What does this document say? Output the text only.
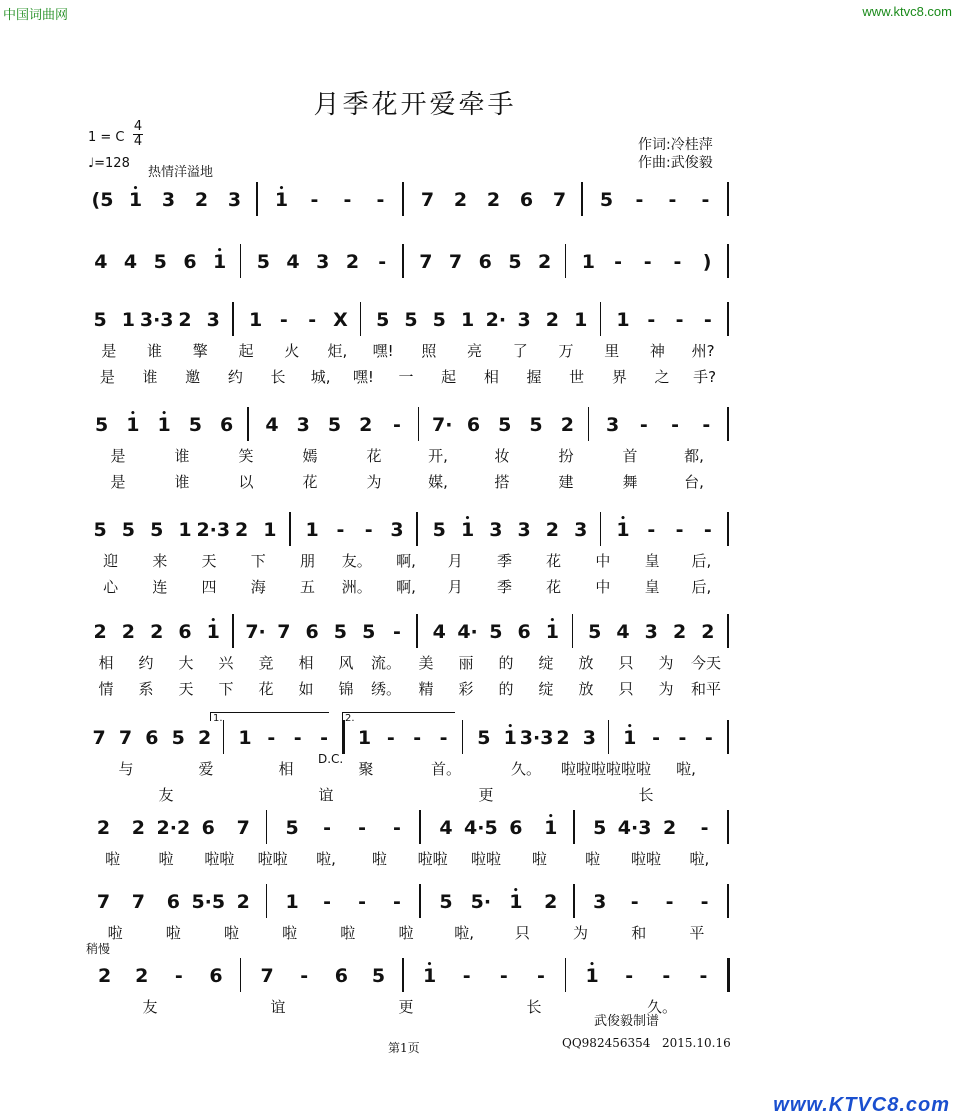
中国词曲网	www.ktvc8.com
www.KTVC8.com
月季花开爱牵手
1 = C
4
4
♩=128
热情洋溢地
作词:冷桂萍
作曲:武俊毅
(5 • 1 3 2 3 • 1 - - - 7 2 2 6 7 5 - - -
4 4 5 6 • 1 5 4 3 2 - 7 7 6 5 2 1 - - - )
5 1 3·3 2 3 1 - - X 5 5 5 1 2· 3 2 1 1 - - -
是 谁 擎 起 火 炬, 嘿! 照 亮 了 万 里 神 州?
是 谁 邀 约 长 城, 嘿! 一 起 相 握 世 界 之 手?
5 • 1 • 1 5 6 4 3 5 2 - 7· 6 5 5 2 3 - - -
是	谁	笑	嫣	花	开,	妆	扮	首	都,
是	谁	以	花	为	媒,	搭	建	舞	台,
5 5 5 1 2·3 2 1 1 - - 3 5 • 1 3 3 2 3 • 1 - - -
迎 来 天 下 朋 友。 啊, 月 季 花 中 皇 后,
心 连 四 海 五 洲。 啊, 月 季 花 中 皇 后,
2 2 2 6 • 1 7· 7 6 5 5 - 4 4· 5 6 • 1 5 4 3 2 2
相 约 大 兴 竞 相 风 流。 美 丽 的 绽 放 只 为 今天
情 系 天 下 花 如 锦 绣。 精 彩 的 绽 放 只 为 和平
7 7 6 5 2 1 - - - 1 - - - 5 • 1 3·3 2 3 • 1 - - -
与	爱	相	聚	首。	久。 啦啦啦啦啦啦 啦,
友	谊	更	长
1.	2.
D.C.
2 2 2·2 6 7 5 - - - 4 4·5 6 • 1 5 4·3 2 -
啦	啦 啦啦 啦啦 啦, 啦 啦啦 啦啦 啦	啦 啦啦 啦,
7 7 6 5·5 2 1 - - - 5 5· • 1 2 3 - - -
啦	啦	啦	啦	啦	啦	啦,	只	为	和	平
2 2 - 6 7 - 6 5 • 1 - - - • 1 - - -
友	谊	更	长	久。
稍慢
武俊毅制谱
第1页	QQ982456354 2015.10.16
